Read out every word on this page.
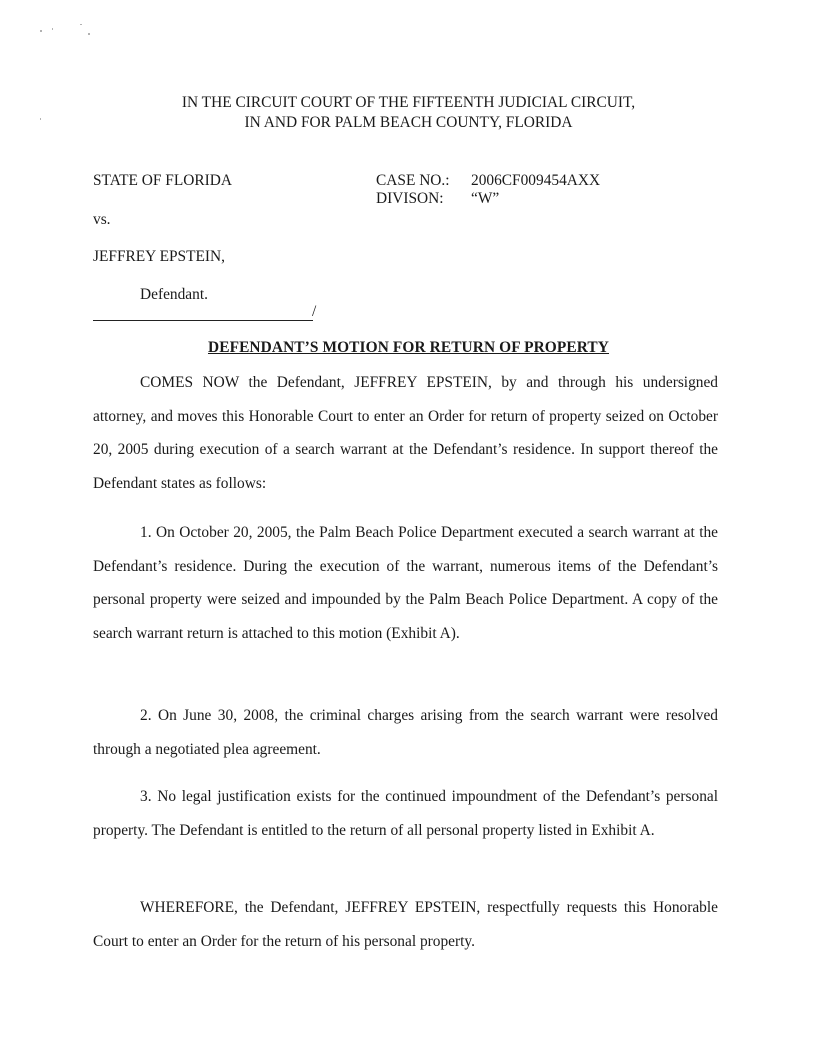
IN THE CIRCUIT COURT OF THE FIFTEENTH JUDICIAL CIRCUIT,
IN AND FOR PALM BEACH COUNTY, FLORIDA
STATE OF FLORIDA	CASE NO.: 2006CF009454AXX
DIVISON: “W”
vs.
JEFFREY EPSTEIN,
Defendant.
/
DEFENDANT’S MOTION FOR RETURN OF PROPERTY

COMES NOW the Defendant, JEFFREY EPSTEIN, by and through his undersigned attorney, and moves this Honorable Court to enter an Order for return of property seized on October 20, 2005 during execution of a search warrant at the Defendant’s residence. In support thereof the Defendant states as follows:

1. On October 20, 2005, the Palm Beach Police Department executed a search warrant at the Defendant’s residence. During the execution of the warrant, numerous items of the Defendant’s personal property were seized and impounded by the Palm Beach Police Department. A copy of the search warrant return is attached to this motion (Exhibit A).

2. On June 30, 2008, the criminal charges arising from the search warrant were resolved through a negotiated plea agreement.

3. No legal justification exists for the continued impoundment of the Defendant’s personal property. The Defendant is entitled to the return of all personal property listed in Exhibit A.

WHEREFORE, the Defendant, JEFFREY EPSTEIN, respectfully requests this Honorable Court to enter an Order for the return of his personal property.
